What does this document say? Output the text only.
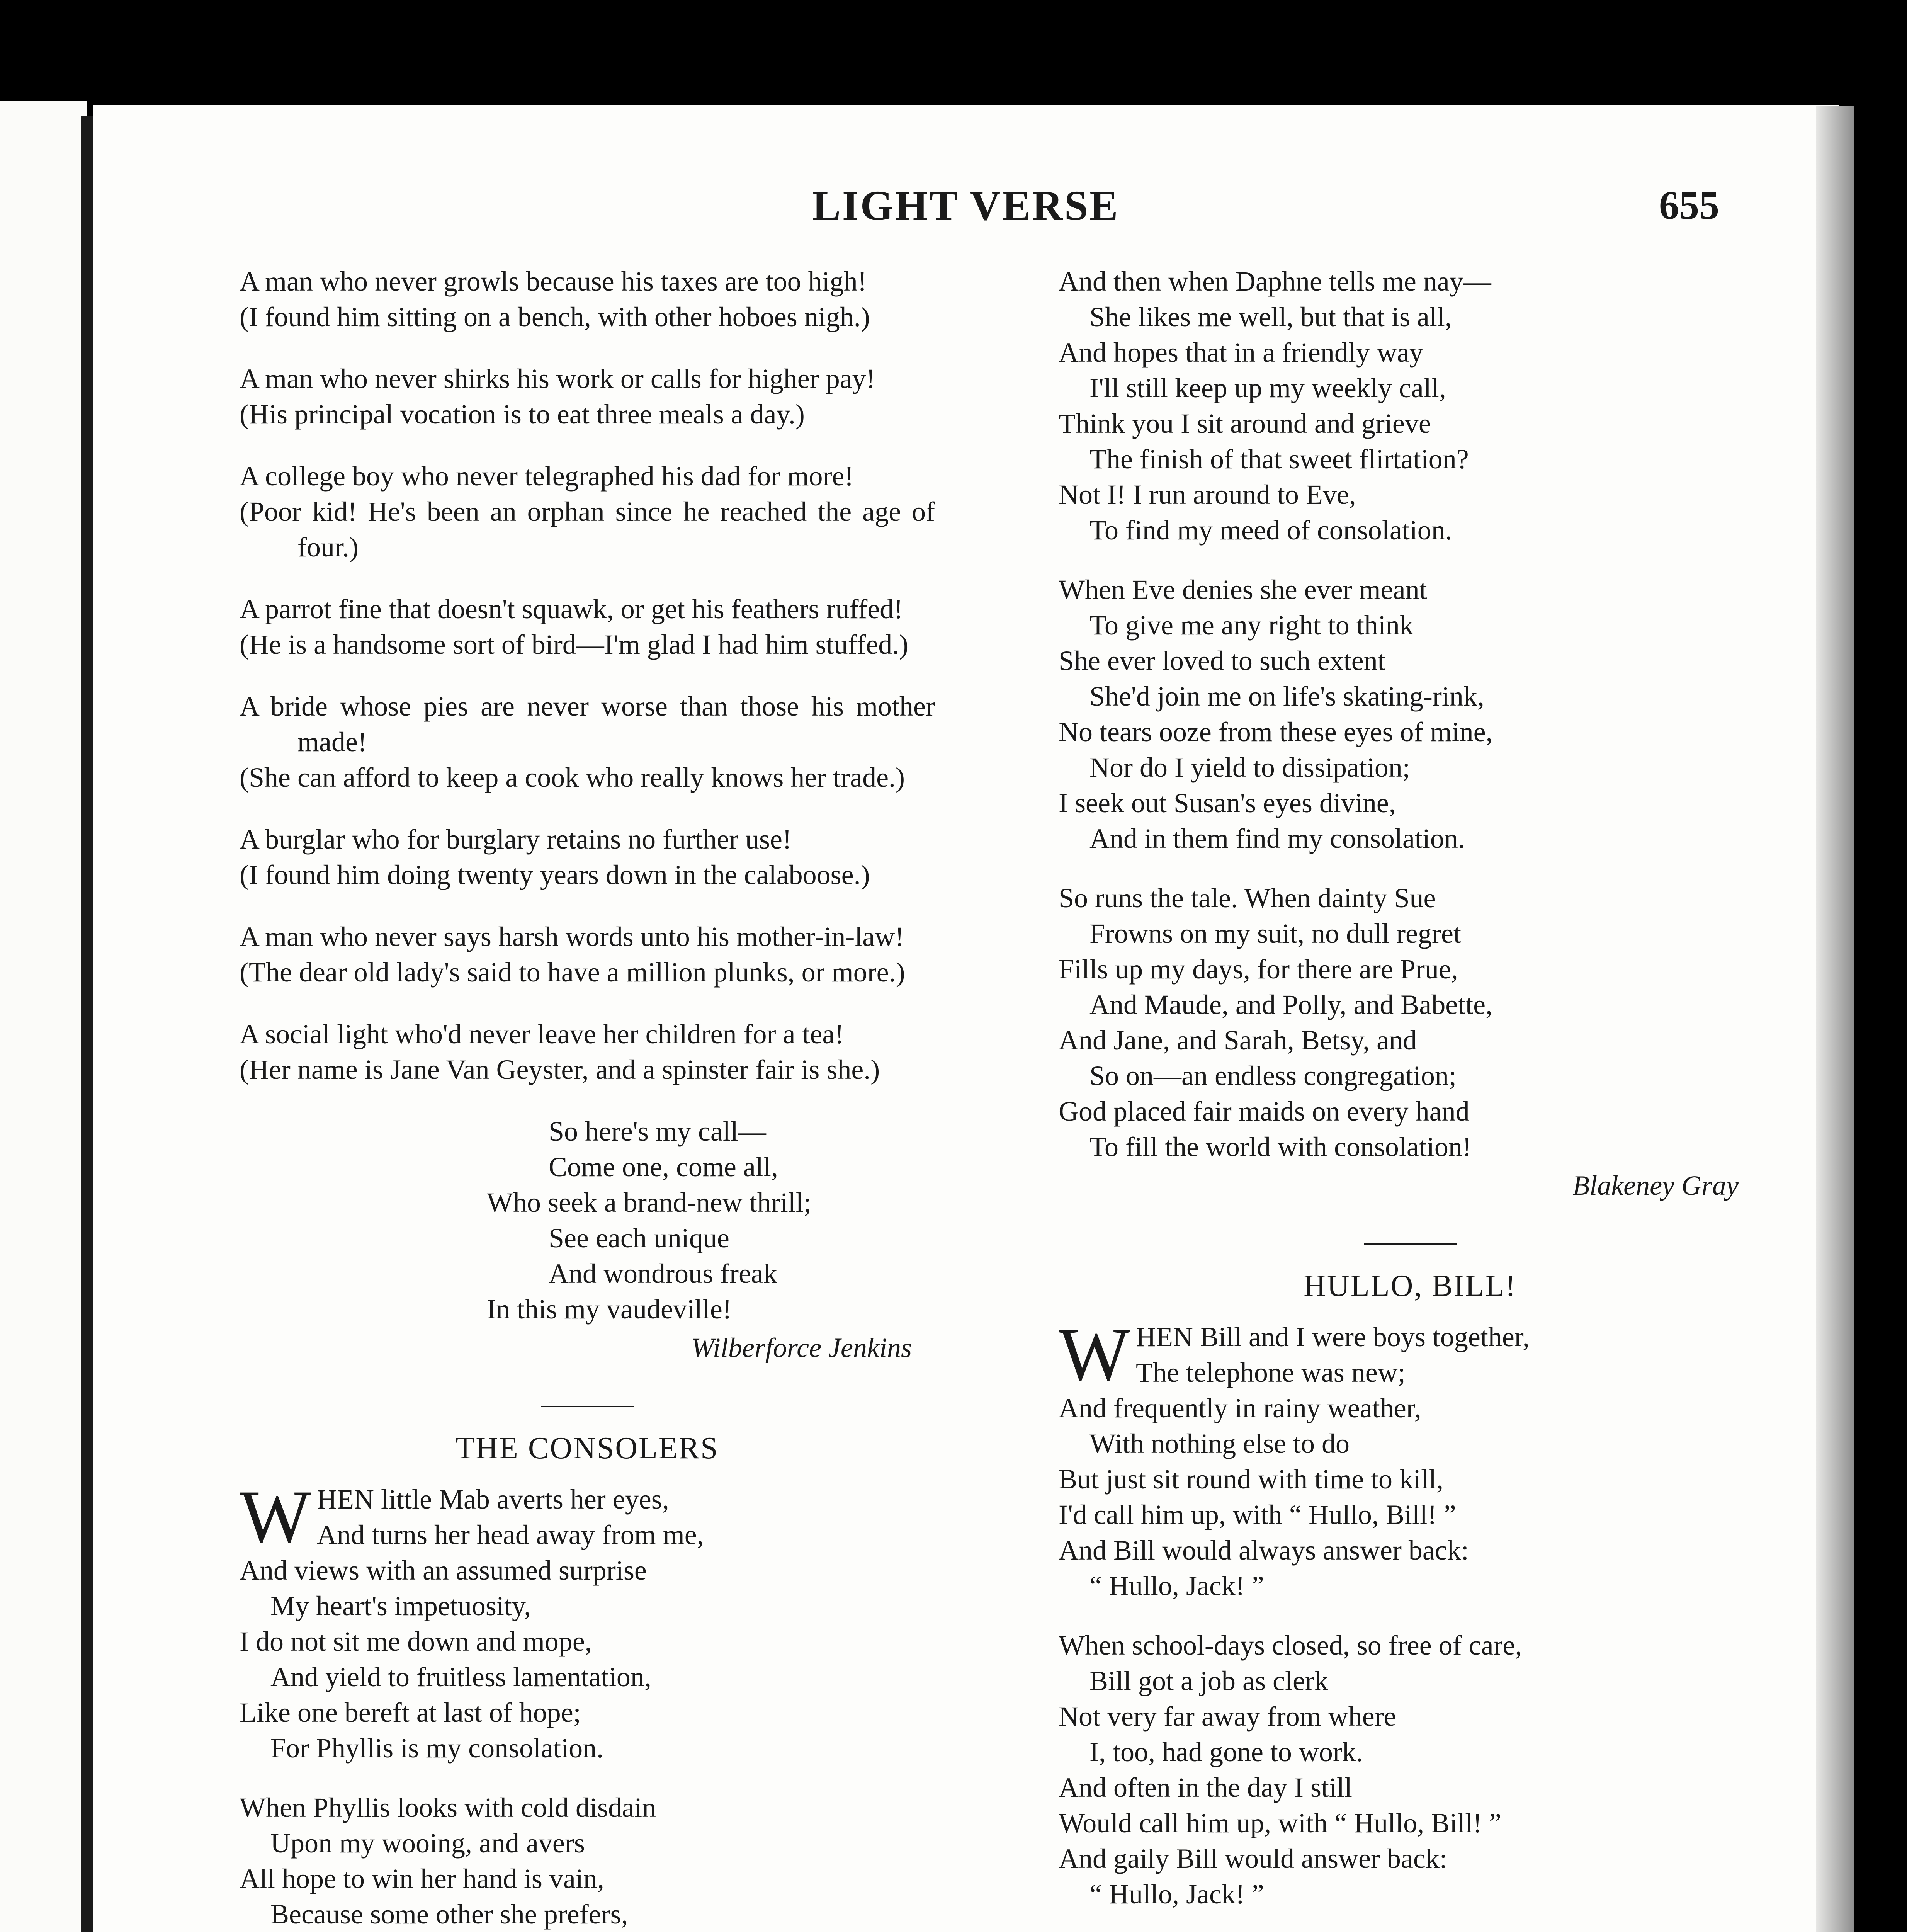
LIGHT VERSE	655
A man who never growls because his taxes are too high!
(I found him sitting on a bench, with other hoboes nigh.)
A man who never shirks his work or calls for higher pay!
(His principal vocation is to eat three meals a day.)
A college boy who never telegraphed his dad for more!
(Poor kid! He's been an orphan since he reached the age of four.)
A parrot fine that doesn't squawk, or get his feathers ruffed!
(He is a handsome sort of bird—I'm glad I had him stuffed.)
A bride whose pies are never worse than those his mother made!
(She can afford to keep a cook who really knows her trade.)
A burglar who for burglary retains no further use!
(I found him doing twenty years down in the calaboose.)
A man who never says harsh words unto his mother-in-law!
(The dear old lady's said to have a million plunks, or more.)
A social light who'd never leave her children for a tea!
(Her name is Jane Van Geyster, and a spinster fair is she.)
So here's my call—
Come one, come all,
Who seek a brand-new thrill;
See each unique
And wondrous freak
In this my vaudeville!
Wilberforce Jenkins
THE CONSOLERS
W HEN little Mab averts her eyes,
And turns her head away from me,
And views with an assumed surprise
My heart's impetuosity,
I do not sit me down and mope,
And yield to fruitless lamentation,
Like one bereft at last of hope;
For Phyllis is my consolation.
When Phyllis looks with cold disdain
Upon my wooing, and avers
All hope to win her hand is vain,
Because some other she prefers,
And then when Daphne tells me nay—
She likes me well, but that is all,
And hopes that in a friendly way
I'll still keep up my weekly call,
Think you I sit around and grieve
The finish of that sweet flirtation?
Not I! I run around to Eve,
To find my meed of consolation.
When Eve denies she ever meant
To give me any right to think
She ever loved to such extent
She'd join me on life's skating-rink,
No tears ooze from these eyes of mine,
Nor do I yield to dissipation;
I seek out Susan's eyes divine,
And in them find my consolation.
So runs the tale. When dainty Sue
Frowns on my suit, no dull regret
Fills up my days, for there are Prue,
And Maude, and Polly, and Babette,
And Jane, and Sarah, Betsy, and
So on—an endless congregation;
God placed fair maids on every hand
To fill the world with consolation!
Blakeney Gray
HULLO, BILL!
W HEN Bill and I were boys together,
The telephone was new;
And frequently in rainy weather,
With nothing else to do
But just sit round with time to kill,
I'd call him up, with “ Hullo, Bill! ”
And Bill would always answer back:
“ Hullo, Jack! ”
When school-days closed, so free of care,
Bill got a job as clerk
Not very far away from where
I, too, had gone to work.
And often in the day I still
Would call him up, with “ Hullo, Bill! ”
And gaily Bill would answer back:
“ Hullo, Jack! ”
